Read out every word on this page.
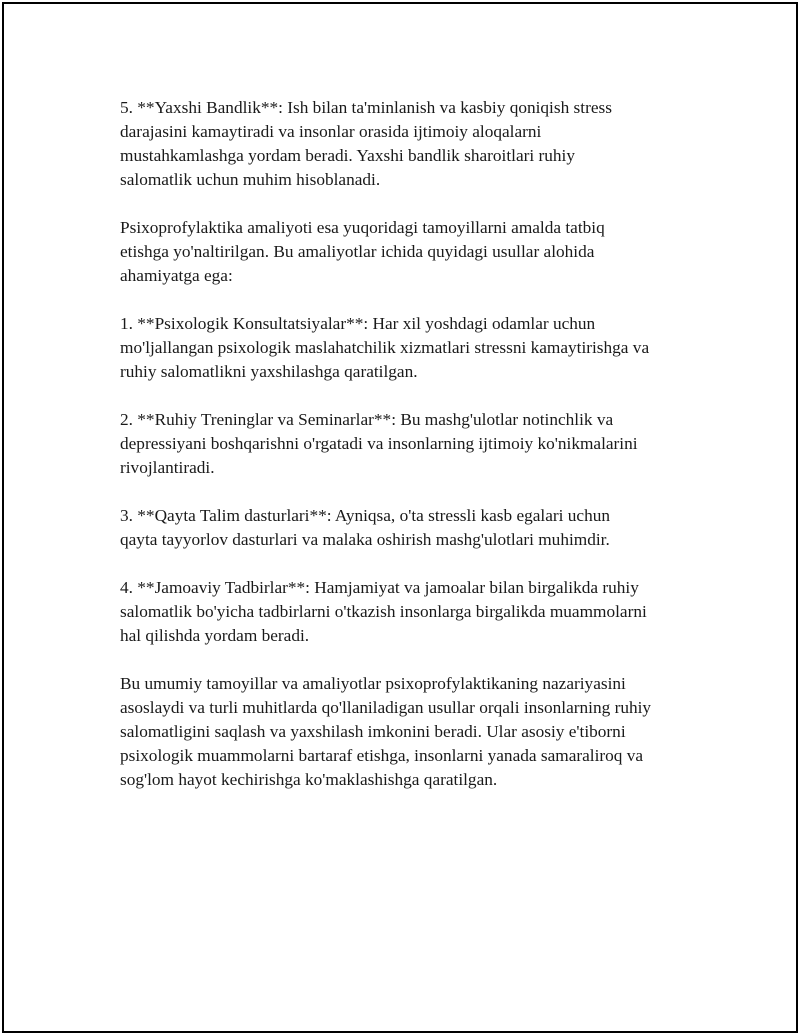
5. **Yaxshi Bandlik**: Ish bilan ta'minlanish va kasbiy qoniqish stress
darajasini kamaytiradi va insonlar orasida ijtimoiy aloqalarni
mustahkamlashga yordam beradi. Yaxshi bandlik sharoitlari ruhiy
salomatlik uchun muhim hisoblanadi.

Psixoprofylaktika amaliyoti esa yuqoridagi tamoyillarni amalda tatbiq
etishga yo'naltirilgan. Bu amaliyotlar ichida quyidagi usullar alohida
ahamiyatga ega:

1. **Psixologik Konsultatsiyalar**: Har xil yoshdagi odamlar uchun
mo'ljallangan psixologik maslahatchilik xizmatlari stressni kamaytirishga va
ruhiy salomatlikni yaxshilashga qaratilgan.

2. **Ruhiy Treninglar va Seminarlar**: Bu mashg'ulotlar notinchlik va
depressiyani boshqarishni o'rgatadi va insonlarning ijtimoiy ko'nikmalarini
rivojlantiradi.

3. **Qayta Talim dasturlari**: Ayniqsa, o'ta stressli kasb egalari uchun
qayta tayyorlov dasturlari va malaka oshirish mashg'ulotlari muhimdir.

4. **Jamoaviy Tadbirlar**: Hamjamiyat va jamoalar bilan birgalikda ruhiy
salomatlik bo'yicha tadbirlarni o'tkazish insonlarga birgalikda muammolarni
hal qilishda yordam beradi.

Bu umumiy tamoyillar va amaliyotlar psixoprofylaktikaning nazariyasini
asoslaydi va turli muhitlarda qo'llaniladigan usullar orqali insonlarning ruhiy
salomatligini saqlash va yaxshilash imkonini beradi. Ular asosiy e'tiborni
psixologik muammolarni bartaraf etishga, insonlarni yanada samaraliroq va
sog'lom hayot kechirishga ko'maklashishga qaratilgan.
